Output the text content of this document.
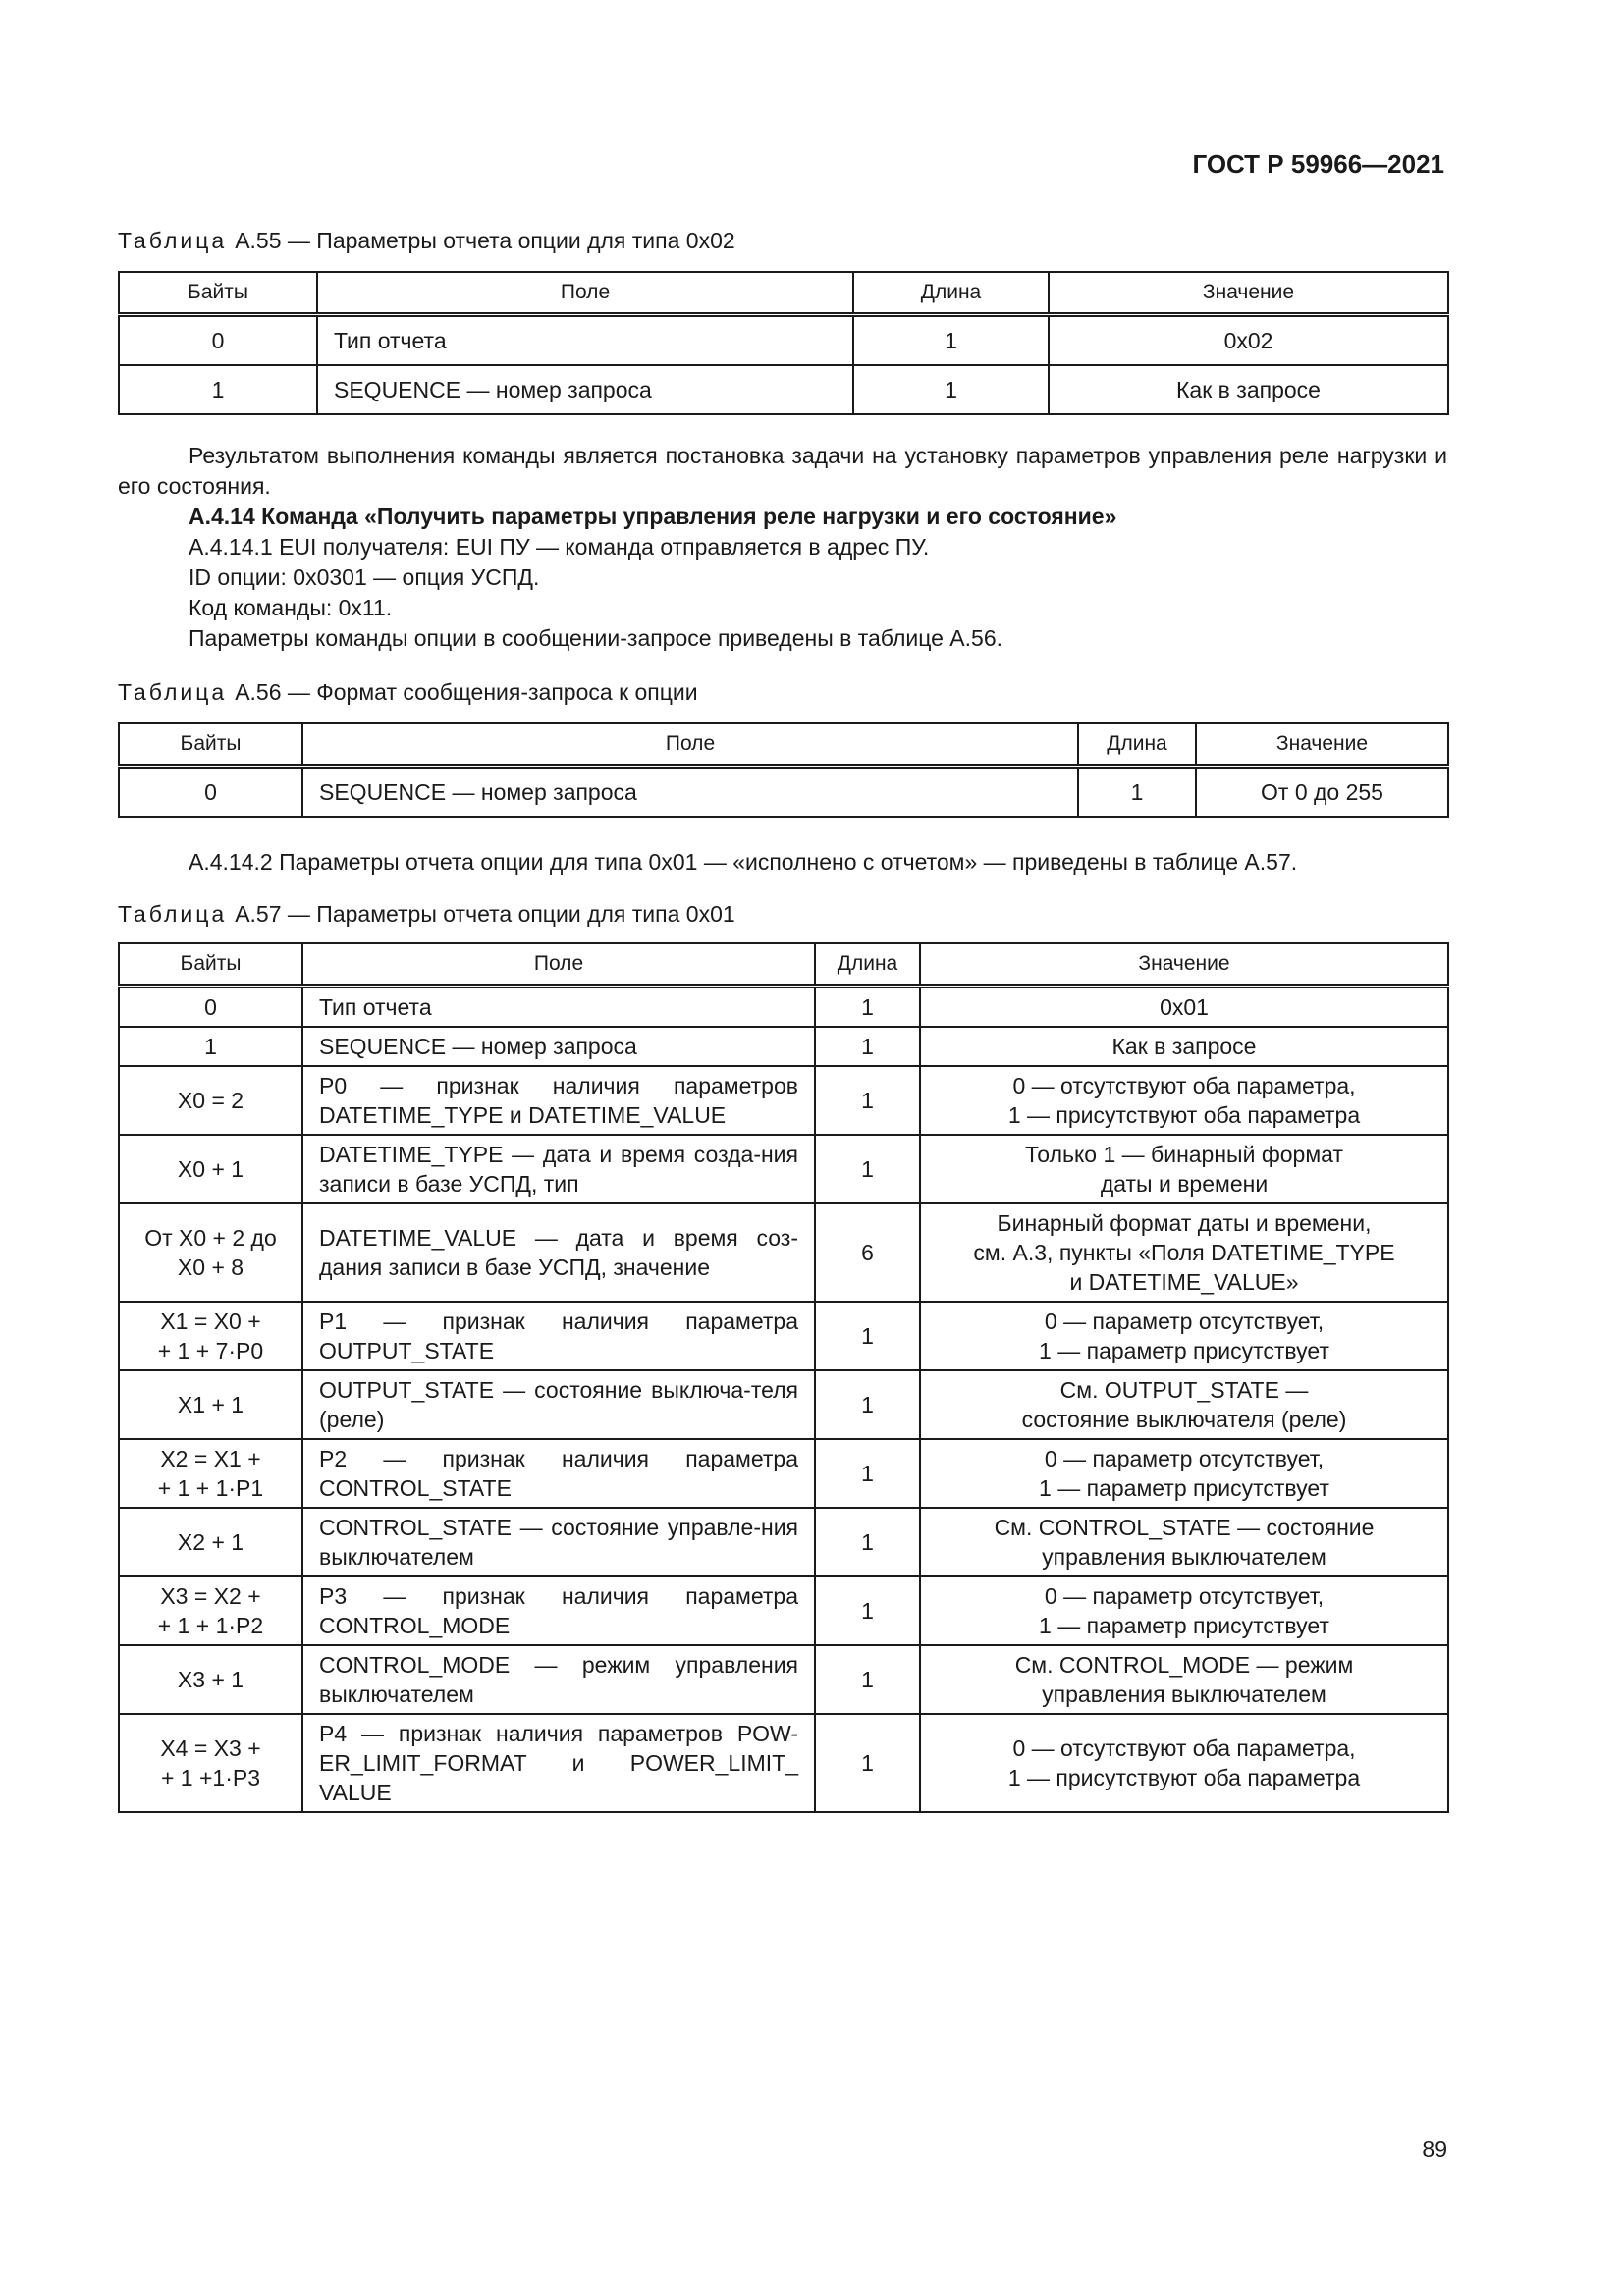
ГОСТ Р 59966—2021
Таблица А.55 — Параметры отчета опции для типа 0x02
Байты	Поле	Длина	Значение
0	Тип отчета	1	0x02
1	SEQUENCE — номер запроса	1	Как в запросе

Результатом выполнения команды является постановка задачи на установку параметров управления реле нагрузки и его состояния.

А.4.14 Команда «Получить параметры управления реле нагрузки и его состояние»

А.4.14.1 EUI получателя: EUI ПУ — команда отправляется в адрес ПУ.

ID опции: 0x0301 — опция УСПД.

Код команды: 0x11.

Параметры команды опции в сообщении-запросе приведены в таблице А.56.

Таблица А.56 — Формат сообщения-запроса к опции
Байты	Поле	Длина	Значение
0	SEQUENCE — номер запроса	1	От 0 до 255

А.4.14.2 Параметры отчета опции для типа 0x01 — «исполнено с отчетом» — приведены в таблице А.57.

Таблица А.57 — Параметры отчета опции для типа 0x01
Байты	Поле	Длина	Значение
0	Тип отчета	1	0x01
1	SEQUENCE — номер запроса	1	Как в запросе
X0 = 2	P0 — признак наличия параметров DATETIME_TYPE и DATETIME_VALUE	1	0 — отсутствуют оба параметра,
1 — присутствуют оба параметра
X0 + 1	DATETIME_TYPE — дата и время созда-ния записи в базе УСПД, тип	1	Только 1 — бинарный формат
даты и времени
От X0 + 2 до
X0 + 8	DATETIME_VALUE — дата и время соз-дания записи в базе УСПД, значение	6	Бинарный формат даты и времени,
см. А.3, пункты «Поля DATETIME_TYPE
и DATETIME_VALUE»
X1 = X0 +
+ 1 + 7·P0	P1 — признак наличия параметра OUTPUT_STATE	1	0 — параметр отсутствует,
1 — параметр присутствует
X1 + 1	OUTPUT_STATE — состояние выключа-теля (реле)	1	См. OUTPUT_STATE —
состояние выключателя (реле)
X2 = X1 +
+ 1 + 1·P1	P2 — признак наличия параметра CONTROL_STATE	1	0 — параметр отсутствует,
1 — параметр присутствует
X2 + 1	CONTROL_STATE — состояние управле-ния выключателем	1	См. CONTROL_STATE — состояние
управления выключателем
X3 = X2 +
+ 1 + 1·P2	P3 — признак наличия параметра CONTROL_MODE	1	0 — параметр отсутствует,
1 — параметр присутствует
X3 + 1	CONTROL_MODE — режим управления выключателем	1	См. CONTROL_MODE — режим
управления выключателем
X4 = X3 +
+ 1 +1·P3	P4 — признак наличия параметров POW-ER_LIMIT_FORMAT и POWER_LIMIT_ VALUE	1	0 — отсутствуют оба параметра,
1 — присутствуют оба параметра
89
